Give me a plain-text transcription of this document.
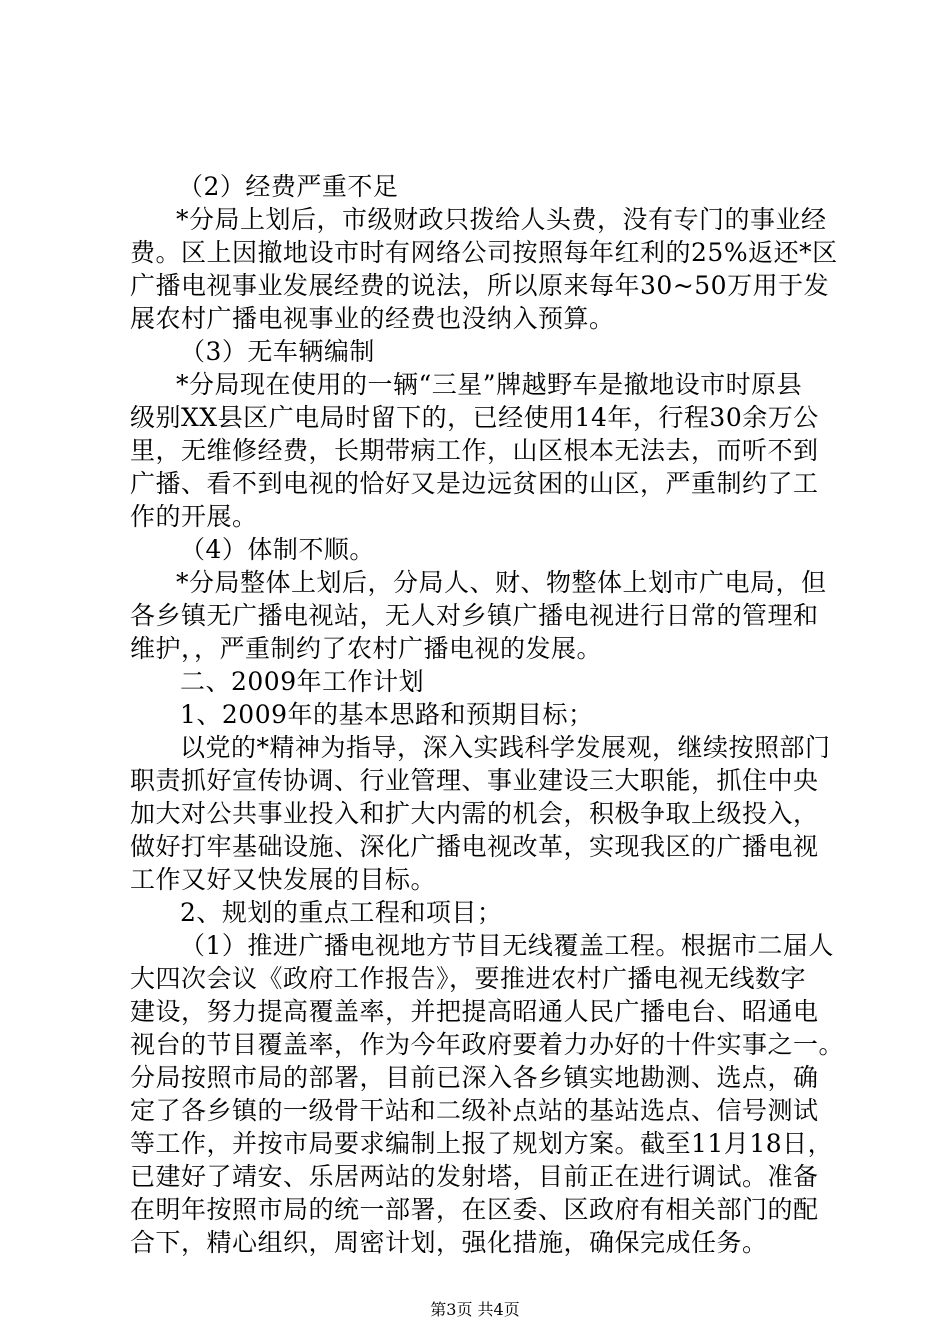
（2）经费严重不足
*分局上划后，市级财政只拨给人头费，没有专门的事业经
费。区上因撤地设市时有网络公司按照每年红利的25%返还*区
广播电视事业发展经费的说法，所以原来每年30~50万用于发
展农村广播电视事业的经费也没纳入预算。
（3）无车辆编制
*分局现在使用的一辆“三星”牌越野车是撤地设市时原县
级别XX县区广电局时留下的，已经使用14年，行程30余万公
里，无维修经费，长期带病工作，山区根本无法去，而听不到
广播、看不到电视的恰好又是边远贫困的山区，严重制约了工
作的开展。
（4）体制不顺。
*分局整体上划后，分局人、财、物整体上划市广电局，但
各乡镇无广播电视站，无人对乡镇广播电视进行日常的管理和
维护，，严重制约了农村广播电视的发展。
二、2009年工作计划
1、2009年的基本思路和预期目标；
以党的*精神为指导，深入实践科学发展观，继续按照部门
职责抓好宣传协调、行业管理、事业建设三大职能，抓住中央
加大对公共事业投入和扩大内需的机会，积极争取上级投入，
做好打牢基础设施、深化广播电视改革，实现我区的广播电视
工作又好又快发展的目标。
2、规划的重点工程和项目；
（1）推进广播电视地方节目无线覆盖工程。根据市二届人
大四次会议《政府工作报告》，要推进农村广播电视无线数字
建设，努力提高覆盖率，并把提高昭通人民广播电台、昭通电
视台的节目覆盖率，作为今年政府要着力办好的十件实事之一。
分局按照市局的部署，目前已深入各乡镇实地勘测、选点，确
定了各乡镇的一级骨干站和二级补点站的基站选点、信号测试
等工作，并按市局要求编制上报了规划方案。截至11月18日，
已建好了靖安、乐居两站的发射塔，目前正在进行调试。准备
在明年按照市局的统一部署，在区委、区政府有相关部门的配
合下，精心组织，周密计划，强化措施，确保完成任务。
第3页 共4页
